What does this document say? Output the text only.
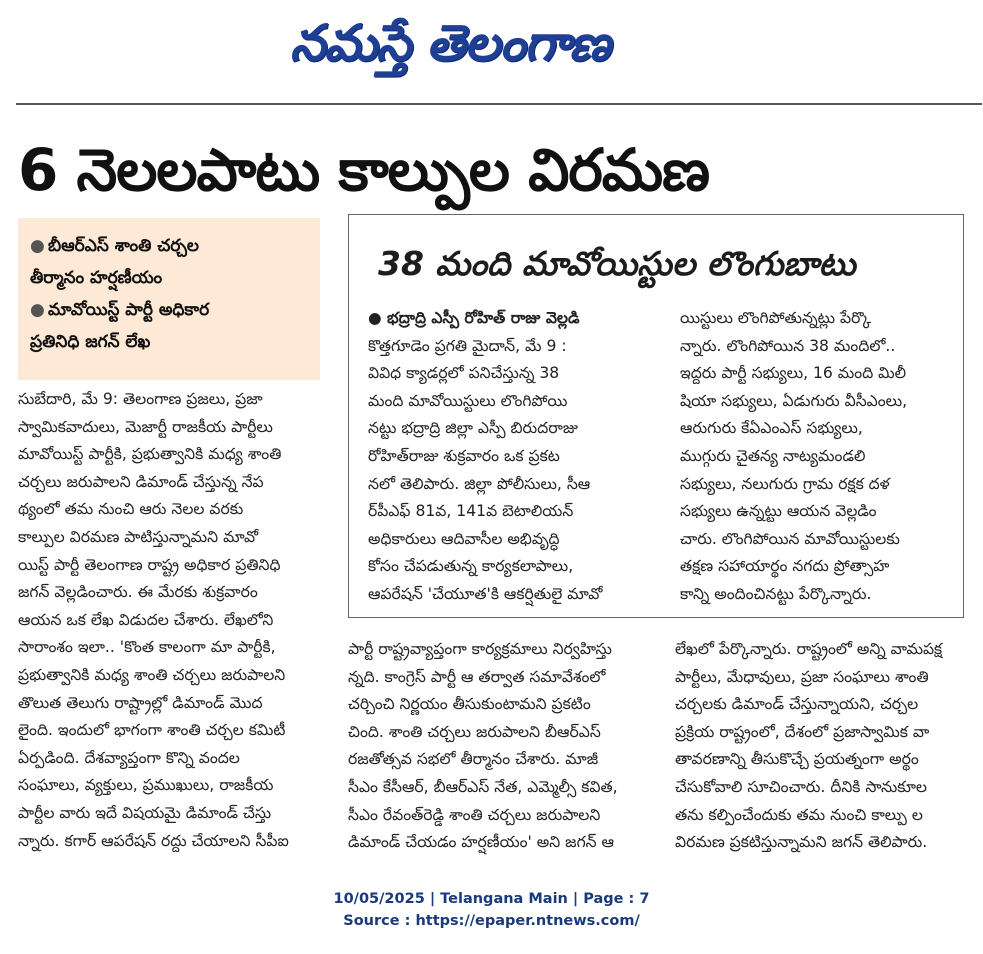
నమస్తే తెలంగాణ
6 నెలలపాటు కాల్పుల విరమణ
● బీఆర్ఎస్ శాంతి చర్చల
తీర్మానం హర్షణీయం
● మావోయిస్ట్ పార్టీ అధికార
ప్రతినిధి జగన్ లేఖ
38 మంది మావోయిస్టుల లొంగుబాటు
సుబేదారి, మే 9: తెలంగాణ ప్రజలు, ప్రజా
స్వామికవాదులు, మెజార్టీ రాజకీయ పార్టీలు
మావోయిస్ట్ పార్టీకి, ప్రభుత్వానికి మధ్య శాంతి
చర్చలు జరుపాలని డిమాండ్ చేస్తున్న నేప
థ్యంలో తమ నుంచి ఆరు నెలల వరకు
కాల్పుల విరమణ పాటిస్తున్నామని మావో
యిస్ట్ పార్టీ తెలంగాణ రాష్ట్ర అధికార ప్రతినిధి
జగన్ వెల్లడించారు. ఈ మేరకు శుక్రవారం
ఆయన ఒక లేఖ విడుదల చేశారు. లేఖలోని
సారాంశం ఇలా.. 'కొంత కాలంగా మా పార్టీకి,
ప్రభుత్వానికి మధ్య శాంతి చర్చలు జరుపాలని
తొలుత తెలుగు రాష్ట్రాల్లో డిమాండ్ మొద
లైంది. ఇందులో భాగంగా శాంతి చర్చల కమిటీ
ఏర్పడింది. దేశవ్యాప్తంగా కొన్ని వందల
సంఘాలు, వ్యక్తులు, ప్రముఖులు, రాజకీయ
పార్టీల వారు ఇదే విషయమై డిమాండ్ చేస్తు
న్నారు. కగార్ ఆపరేషన్ రద్దు చేయాలని సీపీఐ
● భద్రాద్రి ఎస్పీ రోహిత్ రాజు వెల్లడి
కొత్తగూడెం ప్రగతి మైదాన్, మే 9 :
వివిధ క్యాడర్లలో పనిచేస్తున్న 38
మంది మావోయిస్టులు లొంగిపోయి
నట్టు భద్రాద్రి జిల్లా ఎస్పీ బిరుదరాజు
రోహిత్‌రాజు శుక్రవారం ఒక ప్రకట
నలో తెలిపారు. జిల్లా పోలీసులు, సీఆ
ర్‌పీఎఫ్ 81వ, 141వ బెటాలియన్
అధికారులు ఆదివాసీల అభివృద్ధి
కోసం చేపడుతున్న కార్యకలాపాలు,
ఆపరేషన్ 'చేయూత'కి ఆకర్షితులై మావో
యిస్టులు లొంగిపోతున్నట్లు పేర్కొ
న్నారు. లొంగిపోయిన 38 మందిలో..
ఇద్దరు పార్టీ సభ్యులు, 16 మంది మిలీ
షియా సభ్యులు, ఏడుగురు వీసీఎంలు,
ఆరుగురు కేఏఎంఎస్ సభ్యులు,
ముగ్గురు చైతన్య నాట్యమండలి
సభ్యులు, నలుగురు గ్రామ రక్షక దళ
సభ్యులు ఉన్నట్టు ఆయన వెల్లడిం
చారు. లొంగిపోయిన మావోయిస్టులకు
తక్షణ సహాయార్థం నగదు ప్రోత్సాహ
కాన్ని అందించినట్టు పేర్కొన్నారు.
పార్టీ రాష్ట్రవ్యాప్తంగా కార్యక్రమాలు నిర్వహిస్తు
న్నది. కాంగ్రెస్ పార్టీ ఆ తర్వాత సమావేశంలో
చర్చించి నిర్ణయం తీసుకుంటామని ప్రకటిం
చింది. శాంతి చర్చలు జరుపాలని బీఆర్ఎస్
రజతోత్సవ సభలో తీర్మానం చేశారు. మాజీ
సీఎం కేసీఆర్, బీఆర్ఎస్ నేత, ఎమ్మెల్సీ కవిత,
సీఎం రేవంత్‌రెడ్డి శాంతి చర్చలు జరుపాలని
డిమాండ్ చేయడం హర్షణీయం' అని జగన్ ఆ
లేఖలో పేర్కొన్నారు. రాష్ట్రంలో అన్ని వామపక్ష
పార్టీలు, మేధావులు, ప్రజా సంఘాలు శాంతి
చర్చలకు డిమాండ్ చేస్తున్నాయని, చర్చల
ప్రక్రియ రాష్ట్రంలో, దేశంలో ప్రజాస్వామిక వా
తావరణాన్ని తీసుకొచ్చే ప్రయత్నంగా అర్థం
చేసుకోవాలి సూచించారు. దీనికి సానుకూల
తను కల్పించేందుకు తమ నుంచి కాల్పు ల
విరమణ ప్రకటిస్తున్నామని జగన్ తెలిపారు.
10/05/2025 | Telangana Main | Page : 7
Source : https://epaper.ntnews.com/
